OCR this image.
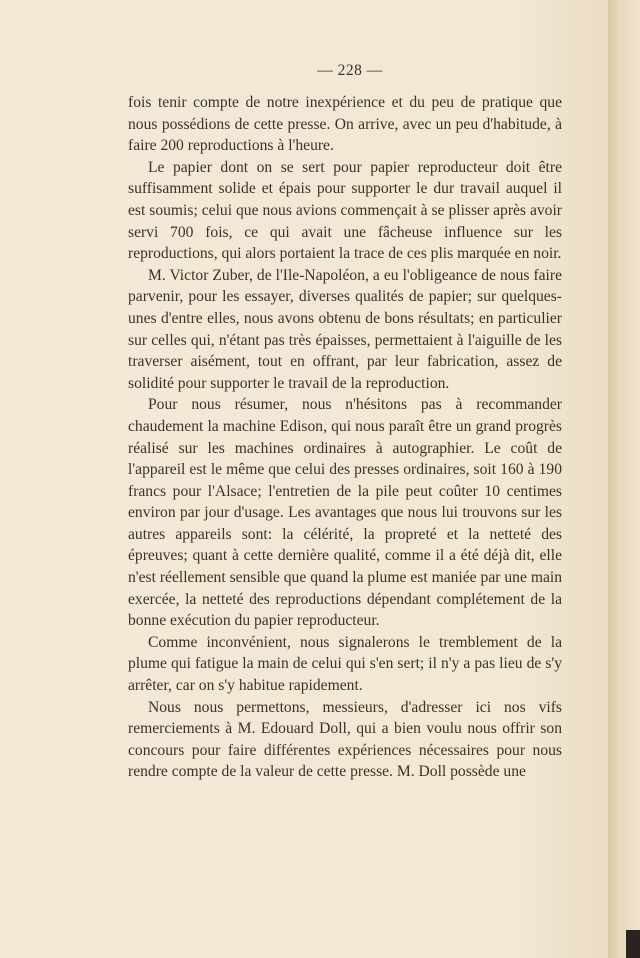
— 228 —

fois tenir compte de notre inexpérience et du peu de pratique que nous possédions de cette presse. On arrive, avec un peu d'habitude, à faire 200 reproductions à l'heure.

Le papier dont on se sert pour papier reproducteur doit être suffisamment solide et épais pour supporter le dur travail auquel il est soumis; celui que nous avions commençait à se plisser après avoir servi 700 fois, ce qui avait une fâcheuse influence sur les reproductions, qui alors portaient la trace de ces plis marquée en noir.

M. Victor Zuber, de l'Ile-Napoléon, a eu l'obligeance de nous faire parvenir, pour les essayer, diverses qualités de papier; sur quelques-unes d'entre elles, nous avons obtenu de bons résultats; en particulier sur celles qui, n'étant pas très épaisses, permettaient à l'aiguille de les traverser aisément, tout en offrant, par leur fabrication, assez de solidité pour supporter le travail de la reproduction.

Pour nous résumer, nous n'hésitons pas à recommander chaudement la machine Edison, qui nous paraît être un grand progrès réalisé sur les machines ordinaires à autographier. Le coût de l'appareil est le même que celui des presses ordinaires, soit 160 à 190 francs pour l'Alsace; l'entretien de la pile peut coûter 10 centimes environ par jour d'usage. Les avantages que nous lui trouvons sur les autres appareils sont: la célérité, la propreté et la netteté des épreuves; quant à cette dernière qualité, comme il a été déjà dit, elle n'est réellement sensible que quand la plume est maniée par une main exercée, la netteté des reproductions dépendant complétement de la bonne exécution du papier reproducteur.

Comme inconvénient, nous signalerons le tremblement de la plume qui fatigue la main de celui qui s'en sert; il n'y a pas lieu de s'y arrêter, car on s'y habitue rapidement.

Nous nous permettons, messieurs, d'adresser ici nos vifs remerciements à M. Edouard Doll, qui a bien voulu nous offrir son concours pour faire différentes expériences nécessaires pour nous rendre compte de la valeur de cette presse. M. Doll possède une
